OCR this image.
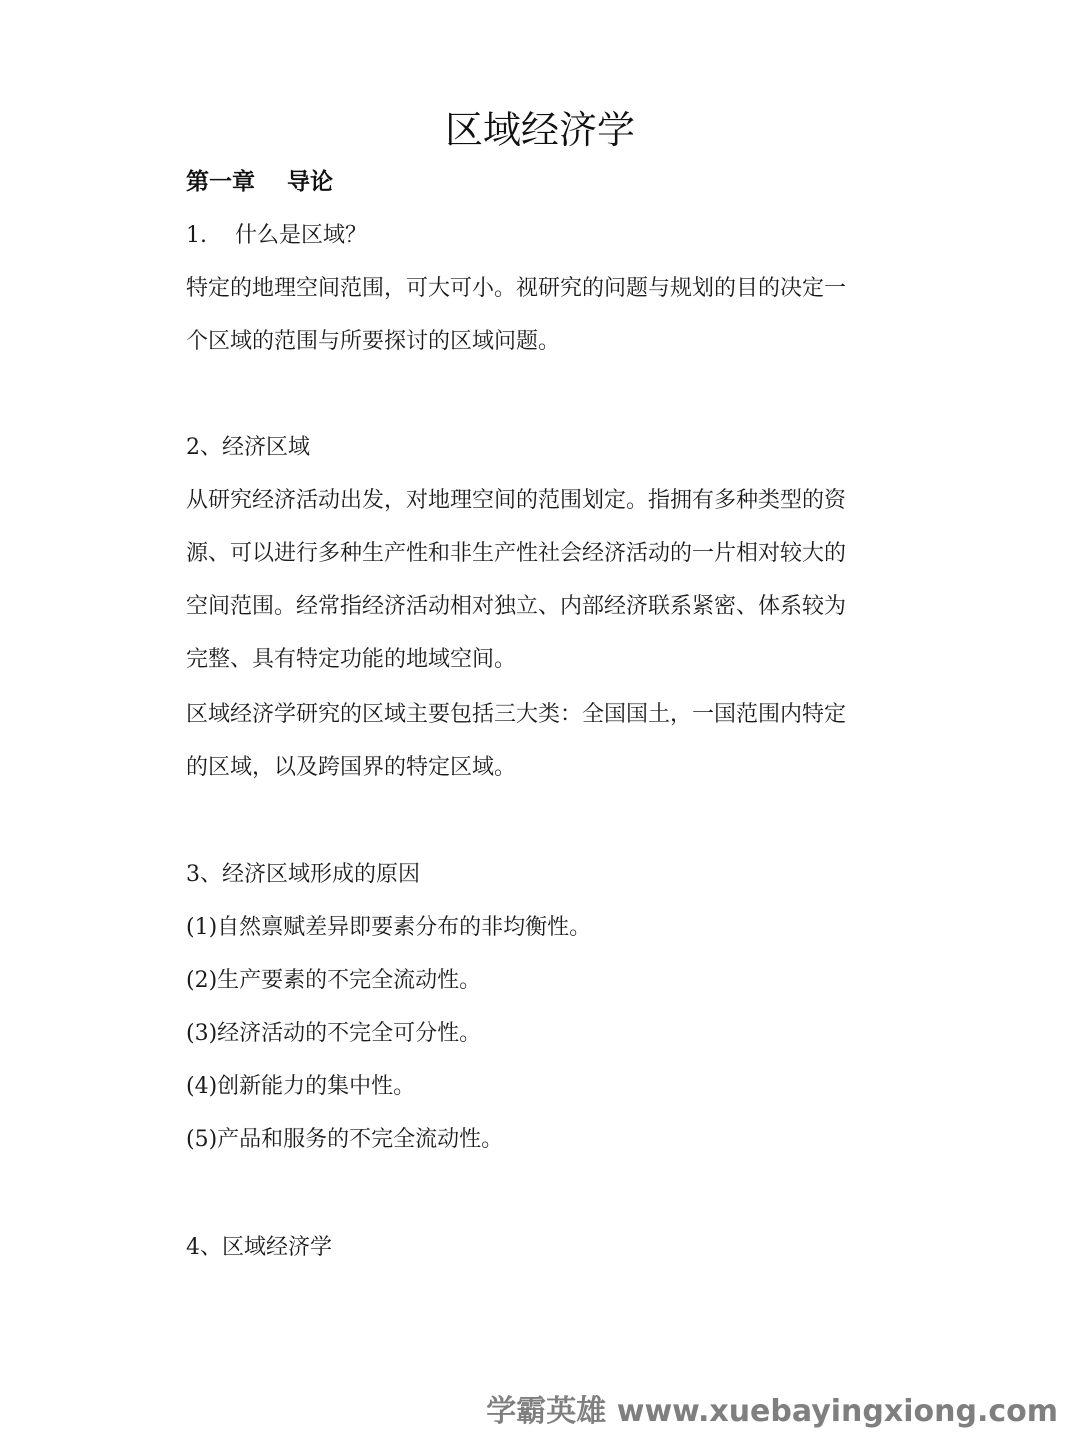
区域经济学
第一章    导论
1.    什么是区域？
特定的地理空间范围，可大可小。视研究的问题与规划的目的决定一
个区域的范围与所要探讨的区域问题。
2、经济区域
从研究经济活动出发，对地理空间的范围划定。指拥有多种类型的资
源、可以进行多种生产性和非生产性社会经济活动的一片相对较大的
空间范围。经常指经济活动相对独立、内部经济联系紧密、体系较为
完整、具有特定功能的地域空间。
区域经济学研究的区域主要包括三大类：全国国土，一国范围内特定
的区域，以及跨国界的特定区域。
3、经济区域形成的原因
(1)自然禀赋差异即要素分布的非均衡性。
(2)生产要素的不完全流动性。
(3)经济活动的不完全可分性。
(4)创新能力的集中性。
(5)产品和服务的不完全流动性。
4、区域经济学
学霸英雄 www.xuebayingxiong.com
